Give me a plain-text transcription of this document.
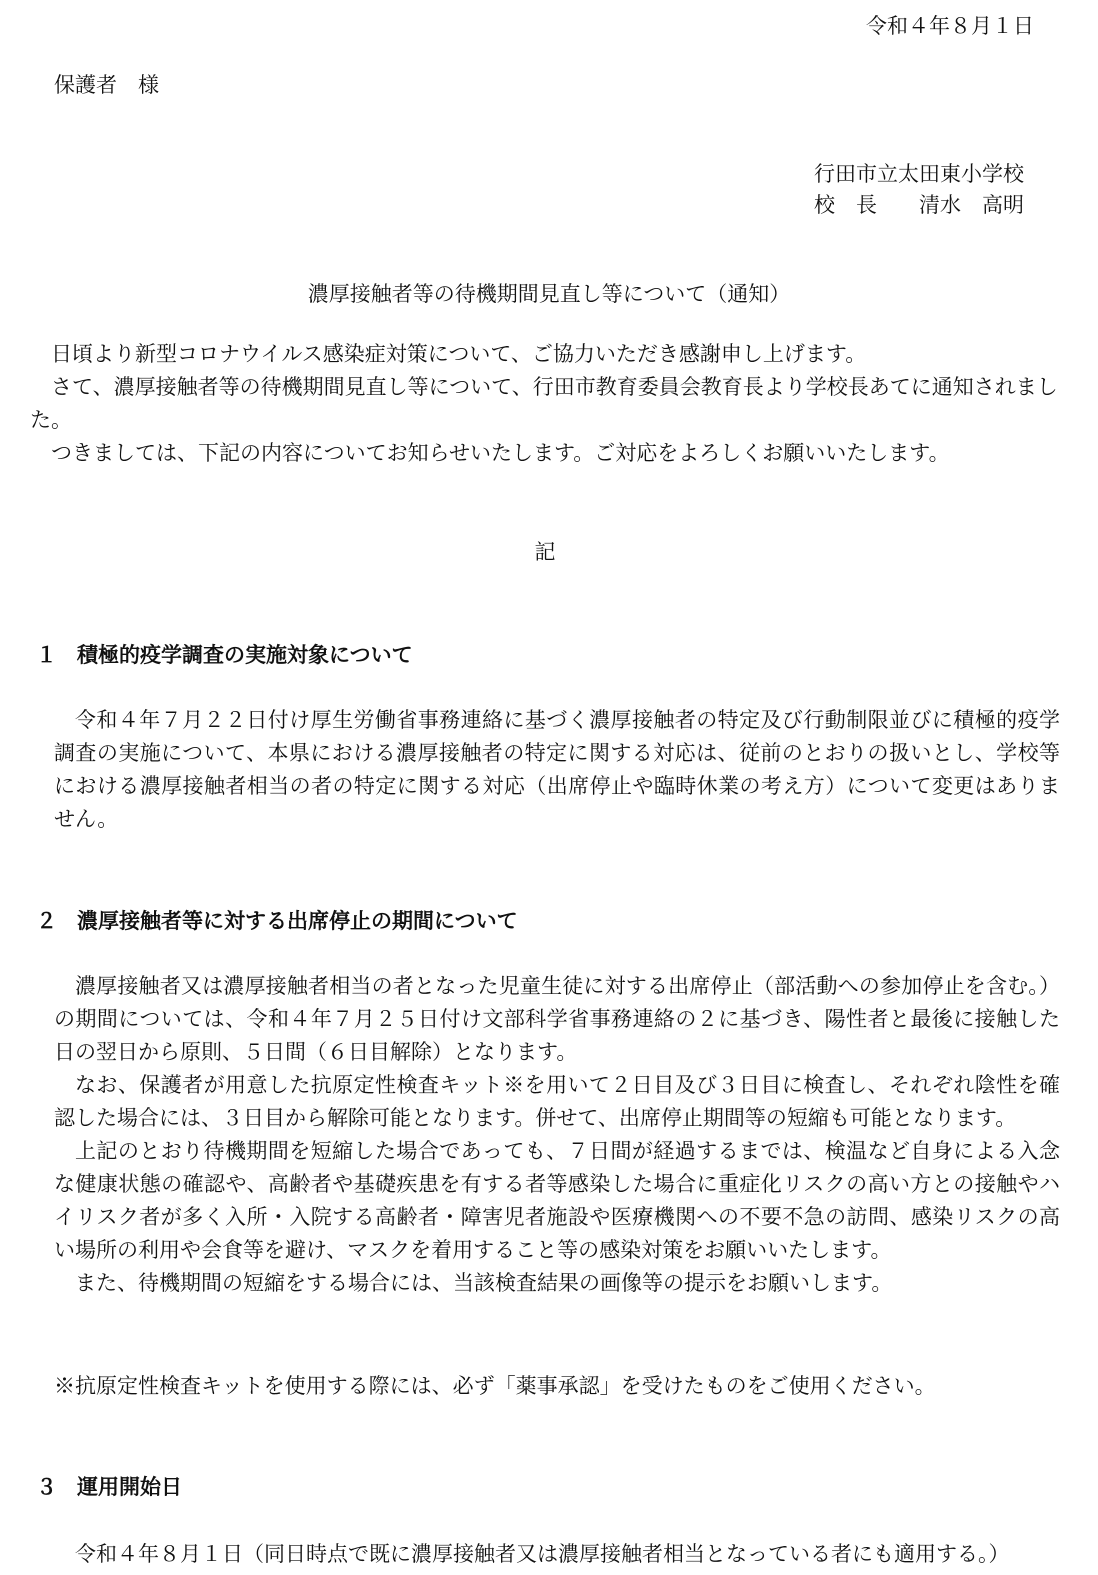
令和４年８月１日
保護者　様
行田市立太田東小学校
校　長　　清水　高明
濃厚接触者等の待機期間見直し等について（通知）

日頃より新型コロナウイルス感染症対策について、ご協力いただき感謝申し上げます。

さて、濃厚接触者等の待機期間見直し等について、行田市教育委員会教育長より学校長あてに通知されました。

つきましては、下記の内容についてお知らせいたします。ご対応をよろしくお願いいたします。

記
１ 積極的疫学調査の実施対象について

令和４年７月２２日付け厚生労働省事務連絡に基づく濃厚接触者の特定及び行動制限並びに積極的疫学調査の実施について、本県における濃厚接触者の特定に関する対応は、従前のとおりの扱いとし、学校等における濃厚接触者相当の者の特定に関する対応（出席停止や臨時休業の考え方）について変更はありません。

２ 濃厚接触者等に対する出席停止の期間について

濃厚接触者又は濃厚接触者相当の者となった児童生徒に対する出席停止（部活動への参加停止を含む。）の期間については、令和４年７月２５日付け文部科学省事務連絡の２に基づき、陽性者と最後に接触した日の翌日から原則、５日間（６日目解除）となります。

なお、保護者が用意した抗原定性検査キット※を用いて２日目及び３日目に検査し、それぞれ陰性を確認した場合には、３日目から解除可能となります。併せて、出席停止期間等の短縮も可能となります。

上記のとおり待機期間を短縮した場合であっても、７日間が経過するまでは、検温など自身による入念な健康状態の確認や、高齢者や基礎疾患を有する者等感染した場合に重症化リスクの高い方との接触やハイリスク者が多く入所・入院する高齢者・障害児者施設や医療機関への不要不急の訪問、感染リスクの高い場所の利用や会食等を避け、マスクを着用すること等の感染対策をお願いいたします。

また、待機期間の短縮をする場合には、当該検査結果の画像等の提示をお願いします。

※抗原定性検査キットを使用する際には、必ず「薬事承認」を受けたものをご使用ください。
３ 運用開始日

令和４年８月１日（同日時点で既に濃厚接触者又は濃厚接触者相当となっている者にも適用する。）
